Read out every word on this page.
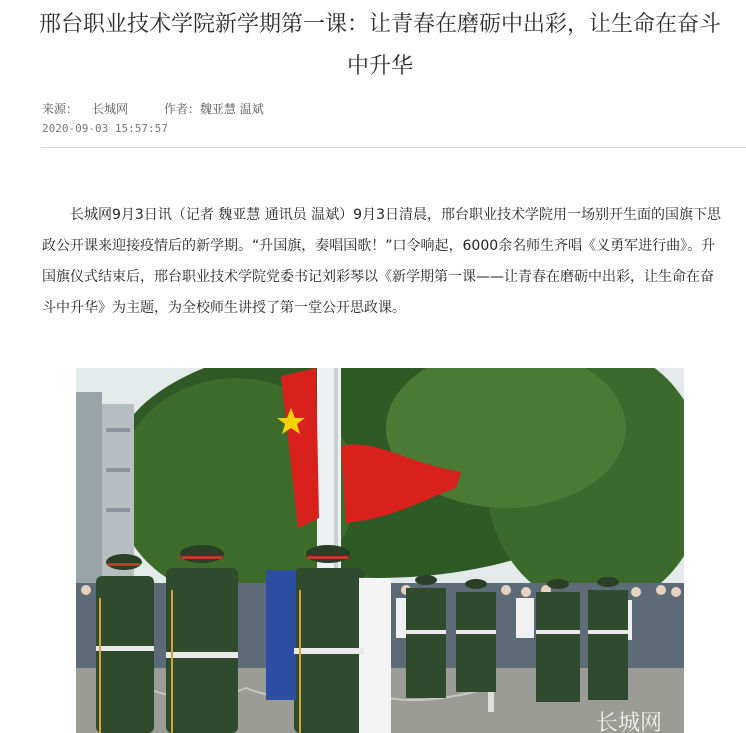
邢台职业技术学院新学期第一课：让青春在磨砺中出彩，让生命在奋斗中升华
来源： 长城网	作者：魏亚慧 温斌
2020-09-03 15:57:57

长城网9月3日讯（记者 魏亚慧 通讯员 温斌）9月3日清晨，邢台职业技术学院用一场别开生面的国旗下思政公开课来迎接疫情后的新学期。“升国旗，奏唱国歌！”口令响起，6000余名师生齐唱《义勇军进行曲》。升国旗仪式结束后，邢台职业技术学院党委书记刘彩琴以《新学期第一课——让青春在磨砺中出彩，让生命在奋斗中升华》为主题，为全校师生讲授了第一堂公开思政课。

长城网
